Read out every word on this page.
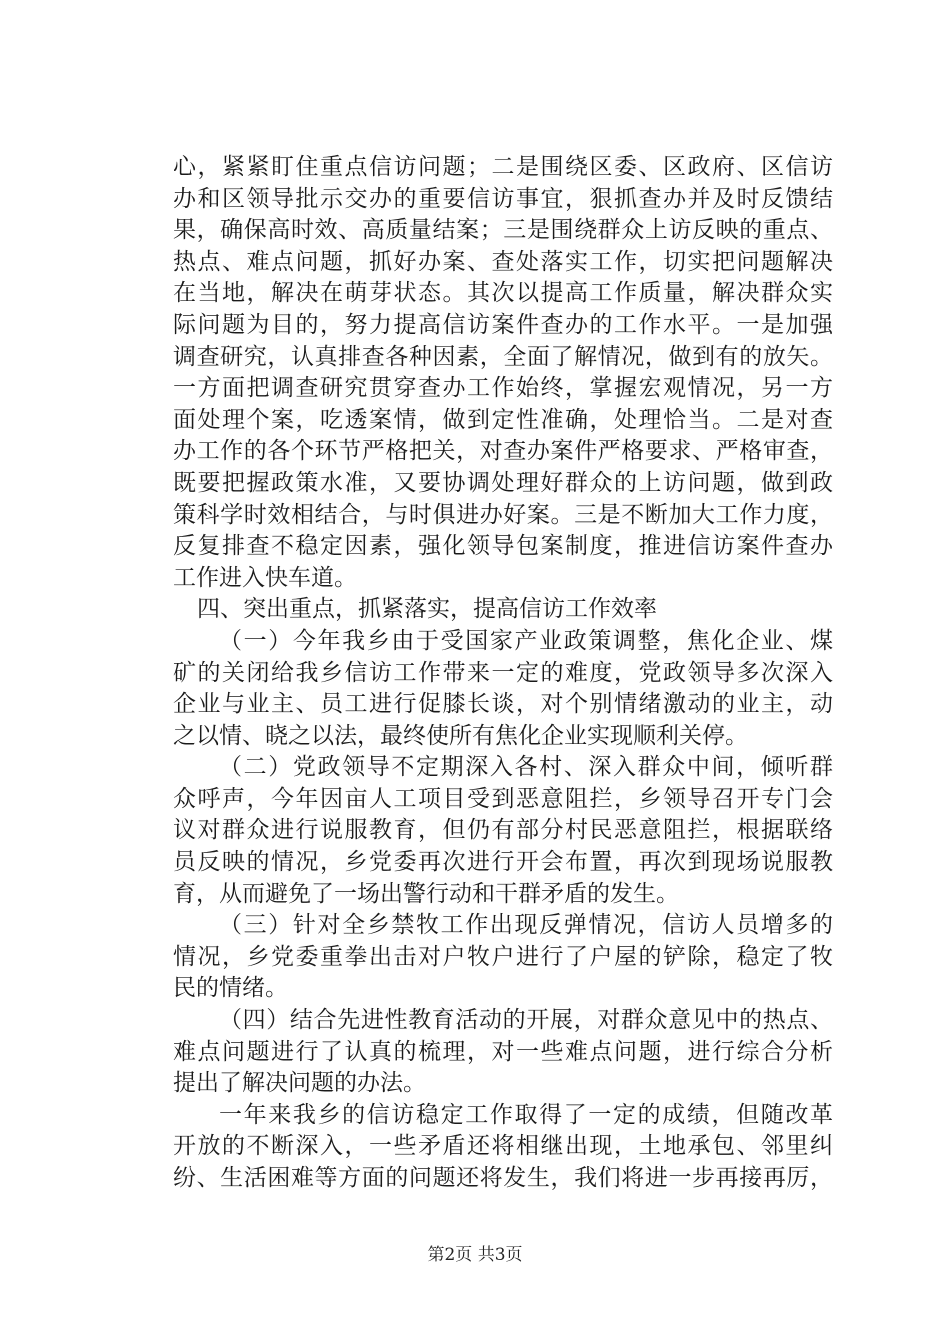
心，紧紧盯住重点信访问题；二是围绕区委、区政府、区信访
办和区领导批示交办的重要信访事宜，狠抓查办并及时反馈结
果，确保高时效、高质量结案；三是围绕群众上访反映的重点、
热点、难点问题，抓好办案、查处落实工作，切实把问题解决
在当地，解决在萌芽状态。其次以提高工作质量，解决群众实
际问题为目的，努力提高信访案件查办的工作水平。一是加强
调查研究，认真排查各种因素，全面了解情况，做到有的放矢。
一方面把调查研究贯穿查办工作始终，掌握宏观情况，另一方
面处理个案，吃透案情，做到定性准确，处理恰当。二是对查
办工作的各个环节严格把关，对查办案件严格要求、严格审查，
既要把握政策水准，又要协调处理好群众的上访问题，做到政
策科学时效相结合，与时俱进办好案。三是不断加大工作力度，
反复排查不稳定因素，强化领导包案制度，推进信访案件查办
工作进入快车道。
四、突出重点，抓紧落实，提高信访工作效率
（一）今年我乡由于受国家产业政策调整，焦化企业、煤
矿的关闭给我乡信访工作带来一定的难度，党政领导多次深入
企业与业主、员工进行促膝长谈，对个别情绪激动的业主，动
之以情、晓之以法，最终使所有焦化企业实现顺利关停。
（二）党政领导不定期深入各村、深入群众中间，倾听群
众呼声，今年因亩人工项目受到恶意阻拦，乡领导召开专门会
议对群众进行说服教育，但仍有部分村民恶意阻拦，根据联络
员反映的情况，乡党委再次进行开会布置，再次到现场说服教
育，从而避免了一场出警行动和干群矛盾的发生。
（三）针对全乡禁牧工作出现反弹情况，信访人员增多的
情况，乡党委重拳出击对户牧户进行了户屋的铲除，稳定了牧
民的情绪。
（四）结合先进性教育活动的开展，对群众意见中的热点、
难点问题进行了认真的梳理，对一些难点问题，进行综合分析
提出了解决问题的办法。
一年来我乡的信访稳定工作取得了一定的成绩，但随改革
开放的不断深入，一些矛盾还将相继出现，土地承包、邻里纠
纷、生活困难等方面的问题还将发生，我们将进一步再接再厉，
第2页 共3页
